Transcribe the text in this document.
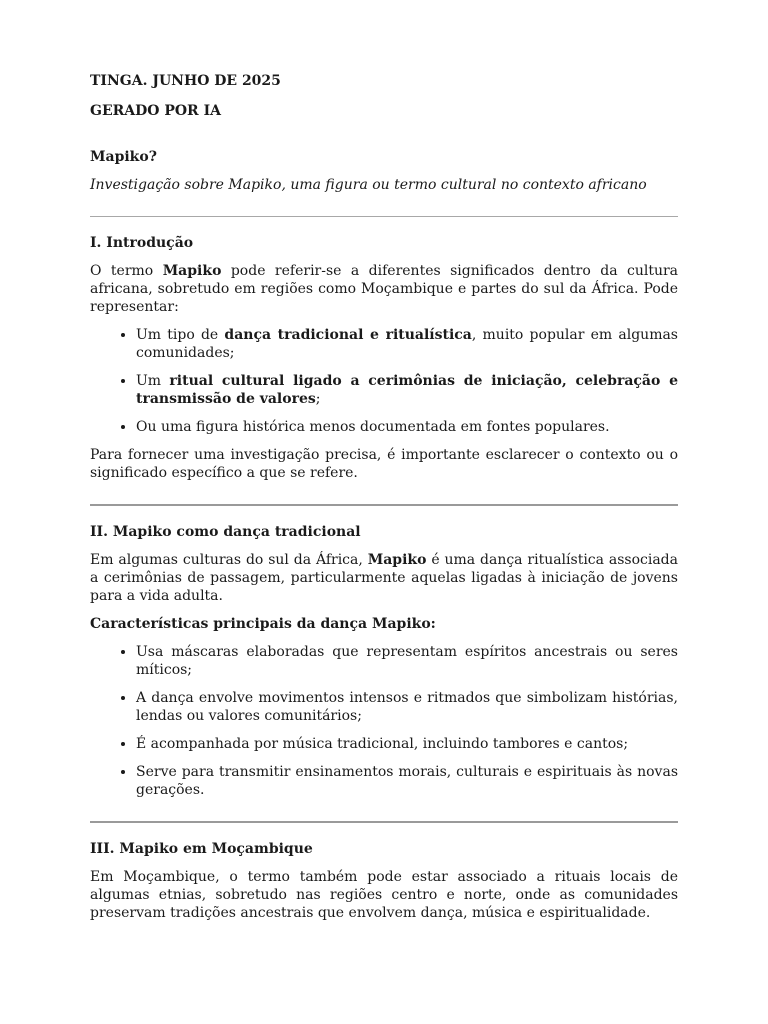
TINGA. JUNHO DE 2025

GERADO POR IA

Mapiko?

Investigação sobre Mapiko, uma figura ou termo cultural no contexto africano

I. Introdução

O termo Mapiko pode referir-se a diferentes significados dentro da cultura africana, sobretudo em regiões como Moçambique e partes do sul da África. Pode representar:

• Um tipo de dança tradicional e ritualística, muito popular em algumas comunidades;
• Um ritual cultural ligado a cerimônias de iniciação, celebração e transmissão de valores;
• Ou uma figura histórica menos documentada em fontes populares.

Para fornecer uma investigação precisa, é importante esclarecer o contexto ou o significado específico a que se refere.

II. Mapiko como dança tradicional

Em algumas culturas do sul da África, Mapiko é uma dança ritualística associada a cerimônias de passagem, particularmente aquelas ligadas à iniciação de jovens para a vida adulta.

Características principais da dança Mapiko:
• Usa máscaras elaboradas que representam espíritos ancestrais ou seres míticos;
• A dança envolve movimentos intensos e ritmados que simbolizam histórias, lendas ou valores comunitários;
• É acompanhada por música tradicional, incluindo tambores e cantos;
• Serve para transmitir ensinamentos morais, culturais e espirituais às novas gerações.
III. Mapiko em Moçambique

Em Moçambique, o termo também pode estar associado a rituais locais de algumas etnias, sobretudo nas regiões centro e norte, onde as comunidades preservam tradições ancestrais que envolvem dança, música e espiritualidade.
